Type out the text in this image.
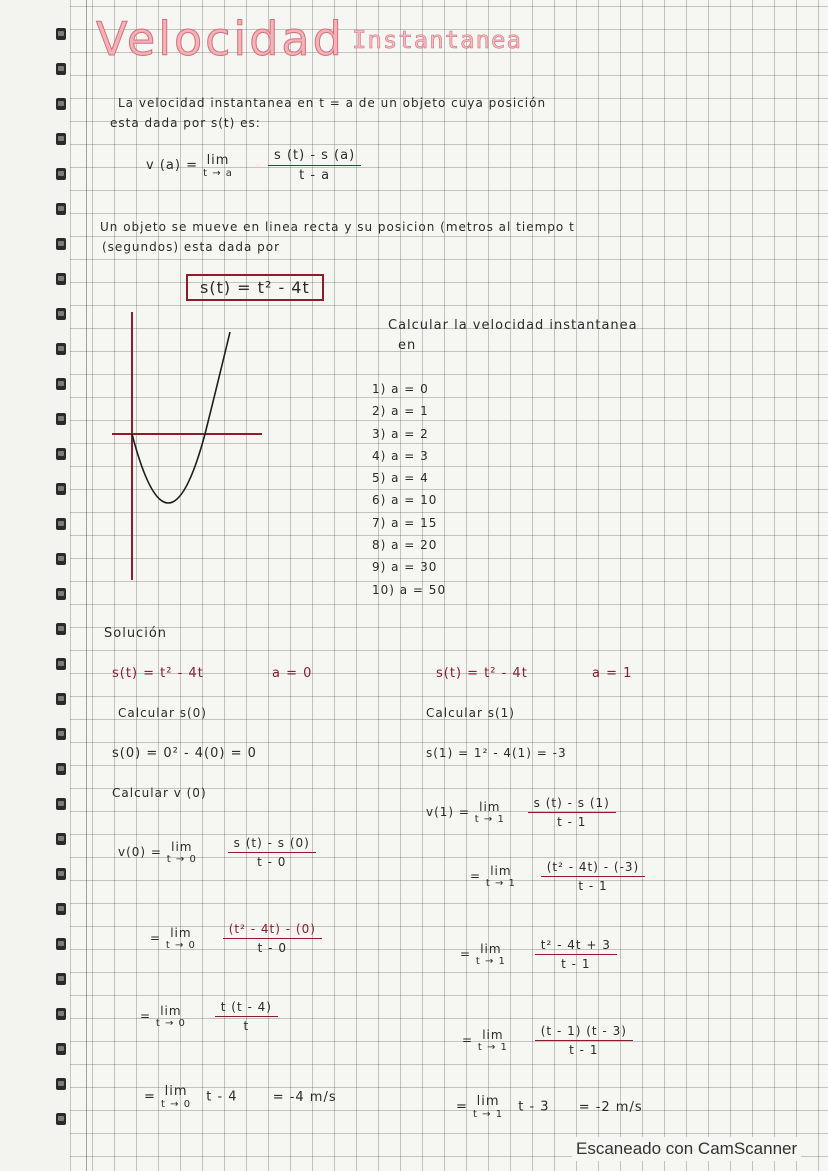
Velocidad Instantanea
La velocidad instantanea en t = a de un objeto cuya posición
esta dada por s(t) es:
v (a) = lim
t → a
	$\frac{s (t) - s (a)}{t - a}$
Un objeto se mueve en linea recta y su posicion (metros al tiempo t
(segundos) esta dada por
s(t) = t² - 4t
Calcular la velocidad instantanea
en
1) a = 0
2) a = 1
3) a = 2
4) a = 3
5) a = 4
6) a = 10
7) a = 15
8) a = 20
9) a = 30
10) a = 50
Solución
s(t) = t² - 4t	a = 0
Calcular s(0)
s(0) = 0² - 4(0) = 0
Calcular v (0)
v(0) = lim
t → 0
	$\frac{s (t) - s (0)}{t - 0}$
= lim
t → 0
$\frac{\text{(t² - 4t) - (0)}}{t - 0}$
= lim
t → 0
$\frac{t (t - 4)}{t}$
= lim
t → 0 t - 4	= -4 m/s
s(t) = t² - 4t	a = 1
Calcular s(1)
s(1) = 1² - 4(1) = -3
v(1) = lim
t → 1
$\frac{s (t) - s (1)}{t - 1}$
= lim
t → 1
$\frac{\text{(t² - 4t) - (-3)}}{t - 1}$
= lim
t → 1
$\frac{\text{t² - 4t + 3}}{t - 1}$
= lim
t → 1
$\frac{(t - 1) (t - 3)}{t - 1}$
= lim
t → 1 t - 3 = -2 m/s
Escaneado con CamScanner
